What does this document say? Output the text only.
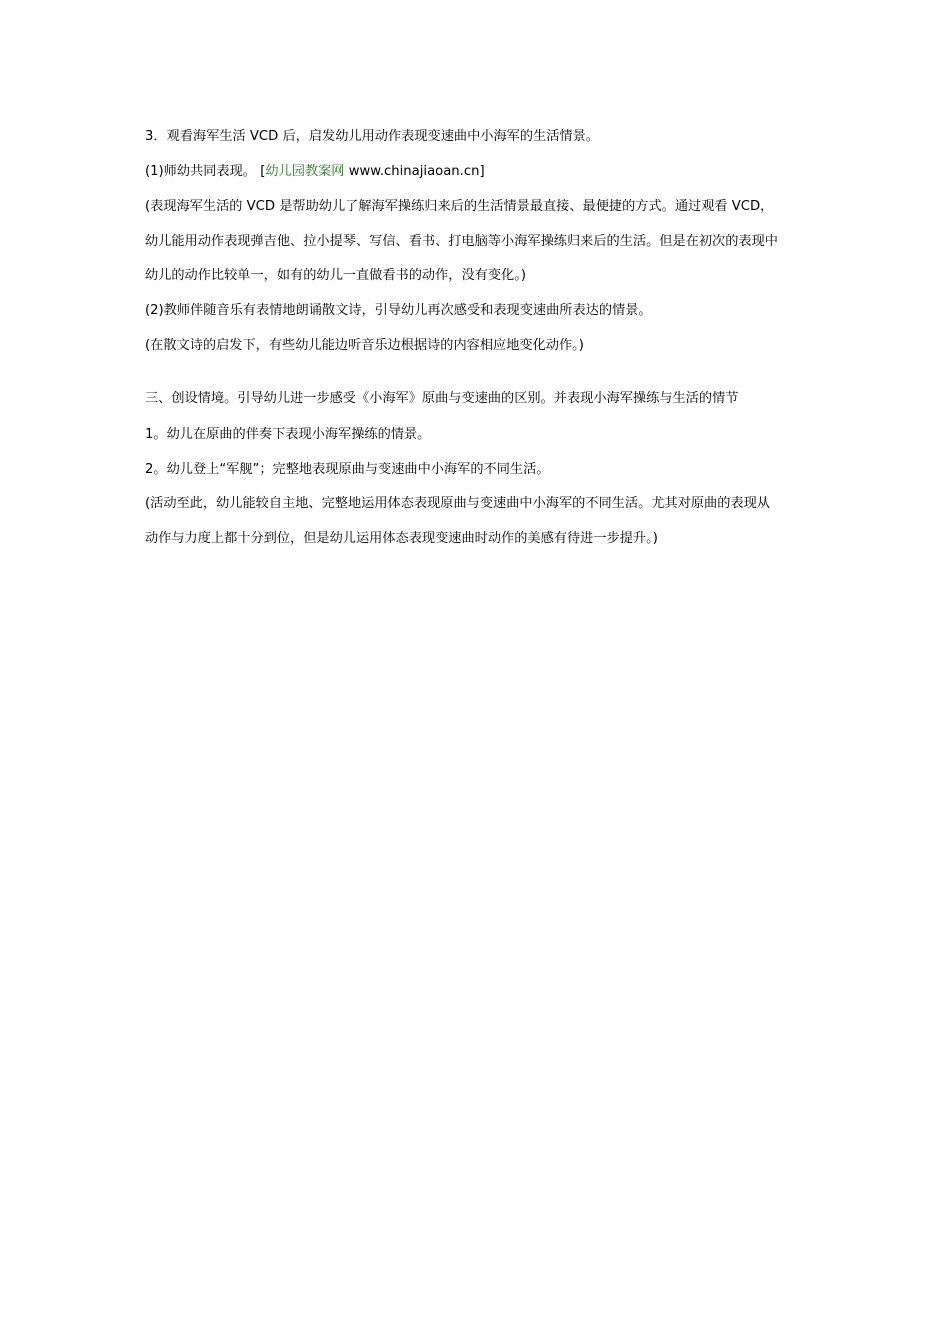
3．观看海军生活 VCD 后，启发幼儿用动作表现变速曲中小海军的生活情景。
(1)师幼共同表现。 [幼儿园教案网 www.chinajiaoan.cn]
(表现海军生活的 VCD 是帮助幼儿了解海军操练归来后的生活情景最直接、最便捷的方式。通过观看 VCD，
幼儿能用动作表现弹吉他、拉小提琴、写信、看书、打电脑等小海军操练归来后的生活。但是在初次的表现中
幼儿的动作比较单一，如有的幼儿一直做看书的动作，没有变化。)
(2)教师伴随音乐有表情地朗诵散文诗，引导幼儿再次感受和表现变速曲所表达的情景。
(在散文诗的启发下，有些幼儿能边听音乐边根据诗的内容相应地变化动作。)
三、创设情境。引导幼儿进一步感受《小海军》原曲与变速曲的区别。并表现小海军操练与生活的情节
1。幼儿在原曲的伴奏下表现小海军操练的情景。
2。幼儿登上“军舰”；完整地表现原曲与变速曲中小海军的不同生活。
(活动至此，幼儿能较自主地、完整地运用体态表现原曲与变速曲中小海军的不同生活。尤其对原曲的表现从
动作与力度上都十分到位，但是幼儿运用体态表现变速曲时动作的美感有待进一步提升。)
